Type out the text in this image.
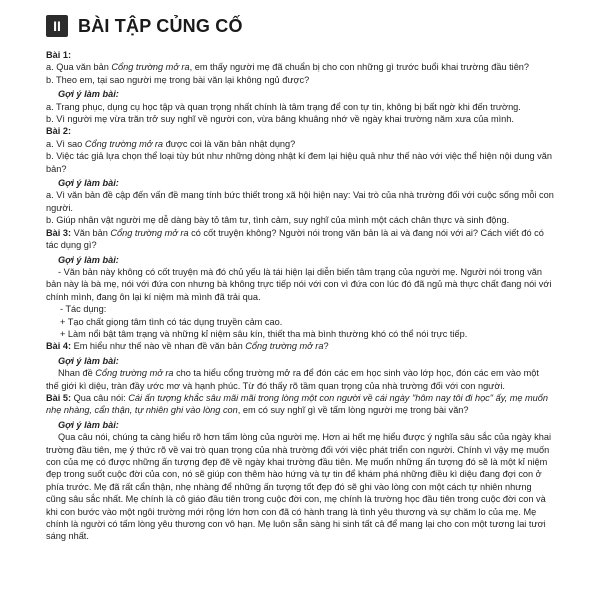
II BÀI TẬP CỦNG CỐ

Bài 1:

a. Qua văn bản Cổng trường mở ra, em thấy người mẹ đã chuẩn bị cho con những gì trước buổi khai trường đầu tiên?

b. Theo em, tại sao người mẹ trong bài văn lại không ngủ được?

Gợi ý làm bài:

a. Trang phục, dụng cụ học tập và quan trọng nhất chính là tâm trạng để con tự tin, không bị bất ngờ khi đến trường.

b. Vì người mẹ vừa trăn trở suy nghĩ về người con, vừa bâng khuâng nhớ về ngày khai trường năm xưa của mình.

Bài 2:

a. Vì sao Cổng trường mở ra được coi là văn bản nhật dụng?

b. Việc tác giả lựa chọn thể loại tùy bút như những dòng nhật kí đem lại hiệu quả như thế nào với việc thể hiện nội dung văn bản?

Gợi ý làm bài:

a. Vì văn bản đề cập đến vấn đề mang tính bức thiết trong xã hội hiện nay: Vai trò của nhà trường đối với cuộc sống mỗi con người.

b. Giúp nhân vật người mẹ dễ dàng bày tỏ tâm tư, tình cảm, suy nghĩ của mình một cách chân thực và sinh động.

Bài 3: Văn bản Cổng trường mở ra có cốt truyện không? Người nói trong văn bản là ai và đang nói với ai? Cách viết đó có tác dụng gì?

Gợi ý làm bài:

- Văn bản này không có cốt truyện mà đó chủ yếu là tái hiện lại diễn biến tâm trạng của người mẹ. Người nói trong văn bản này là bà mẹ, nói với đứa con nhưng bà không trực tiếp nói với con vì đứa con lúc đó đã ngủ mà thực chất đang nói với chính mình, đang ôn lại kí niệm mà mình đã trải qua.

- Tác dụng:

+ Tạo chất giọng tâm tình có tác dụng truyền cảm cao.

+ Làm nổi bật tâm trạng và những kỉ niệm sâu kín, thiết tha mà bình thường khó có thể nói trực tiếp.

Bài 4: Em hiểu như thế nào về nhan đề văn bản Cổng trường mở ra?

Gợi ý làm bài:

Nhan đề Cổng trường mở ra cho ta hiểu cổng trường mở ra để đón các em học sinh vào lớp học, đón các em vào một thế giới kì diệu, tràn đầy ước mơ và hạnh phúc. Từ đó thấy rõ tầm quan trọng của nhà trường đối với con người.

Bài 5: Qua câu nói: Cái ấn tượng khắc sâu mãi mãi trong lòng một con người về cái ngày "hôm nay tôi đi học" ấy, mẹ muốn nhẹ nhàng, cẩn thận, tự nhiên ghi vào lòng con, em có suy nghĩ gì về tấm lòng người mẹ trong bài văn?

Gợi ý làm bài:

Qua câu nói, chúng ta càng hiểu rõ hơn tấm lòng của người mẹ. Hơn ai hết mẹ hiểu được ý nghĩa sâu sắc của ngày khai trường đầu tiên, mẹ ý thức rõ về vai trò quan trọng của nhà trường đối với việc phát triển con người. Chính vì vậy mẹ muốn con của mẹ có được những ấn tượng đẹp đẽ về ngày khai trường đầu tiên. Mẹ muốn những ấn tượng đó sẽ là một kỉ niệm đẹp trong suốt cuộc đời của con, nó sẽ giúp con thêm hào hứng và tự tin để khám phá những điều kì diệu đang đợi con ở phía trước. Mẹ đã rất cẩn thận, nhẹ nhàng để những ấn tượng tốt đẹp đó sẽ ghi vào lòng con một cách tự nhiên nhưng cũng sâu sắc nhất. Mẹ chính là cô giáo đầu tiên trong cuộc đời con, mẹ chính là trường học đầu tiên trong cuộc đời con và khi con bước vào một ngôi trường mới rộng lớn hơn con đã có hành trang là tình yêu thương và sự chăm lo của mẹ. Mẹ chính là người có tấm lòng yêu thương con vô hạn. Mẹ luôn sẵn sàng hi sinh tất cả để mang lại cho con một tương lai tươi sáng nhất.
